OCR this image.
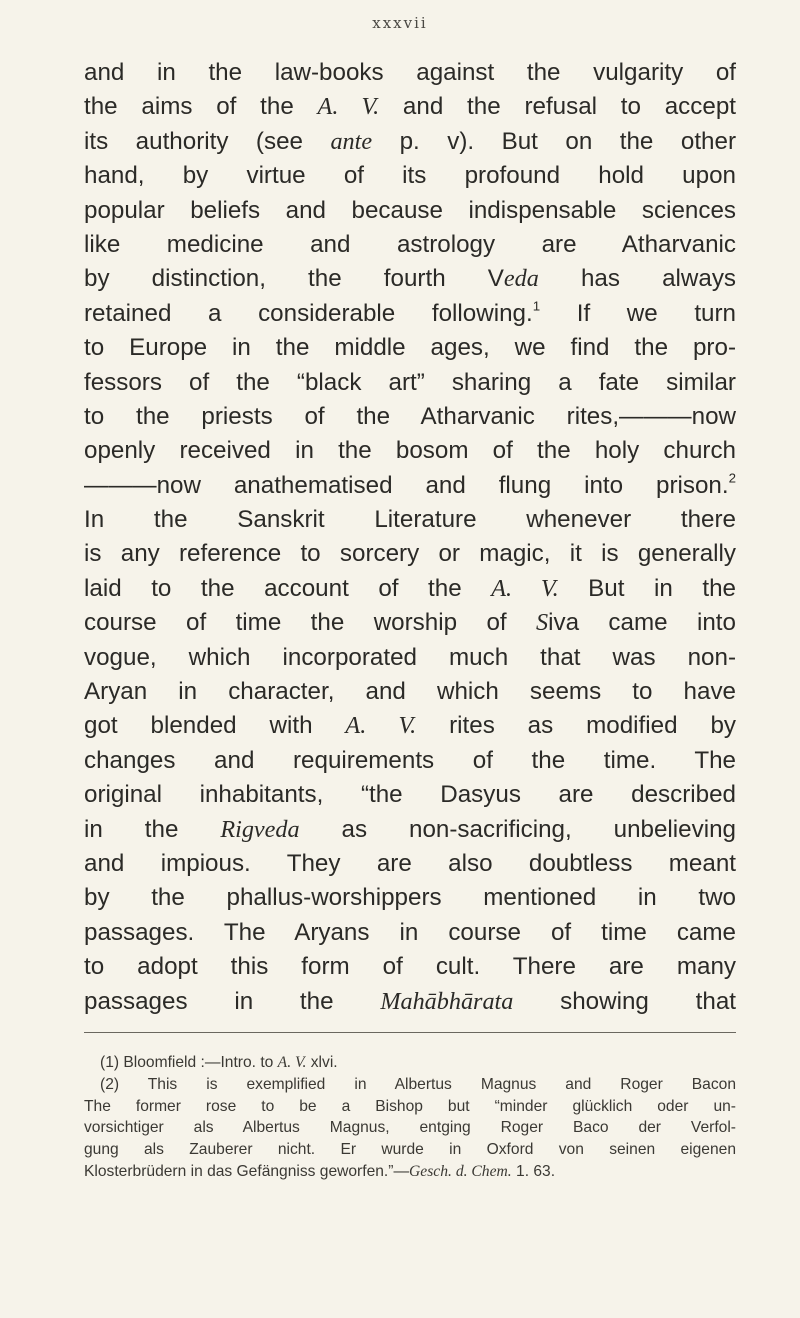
xxxvii
and in the law-books against the vulgarity of
the aims of the A. V. and the refusal to accept
its authority (see ante p. v). But on the other
hand, by virtue of its profound hold upon
popular beliefs and because indispensable sciences
like medicine and astrology are Atharvanic
by distinction, the fourth Veda has always
retained a considerable following.$^1$ If we turn
to Europe in the middle ages, we find the pro-
fessors of the “black art” sharing a fate similar
to the priests of the Atharvanic rites,———now
openly received in the bosom of the holy church
———now anathematised and flung into prison.$^2$
In the Sanskrit Literature whenever there
is any reference to sorcery or magic, it is generally
laid to the account of the A. V. But in the
course of time the worship of Siva came into
vogue, which incorporated much that was non-
Aryan in character, and which seems to have
got blended with A. V. rites as modified by
changes and requirements of the time. The
original inhabitants, “the Dasyus are described
in the Rigveda as non-sacrificing, unbelieving
and impious. They are also doubtless meant
by the phallus-worshippers mentioned in two
passages. The Aryans in course of time came
to adopt this form of cult. There are many
passages in the Mahābhārata showing that
(1) Bloomfield :—Intro. to A. V. xlvi.
(2) This is exemplified in Albertus Magnus and Roger Bacon
The former rose to be a Bishop but “minder glücklich oder un-
vorsichtiger als Albertus Magnus, entging Roger Baco der Verfol-
gung als Zauberer nicht. Er wurde in Oxford von seinen eigenen
Klosterbrüdern in das Gefängniss geworfen.”—Gesch. d. Chem. 1. 63.
